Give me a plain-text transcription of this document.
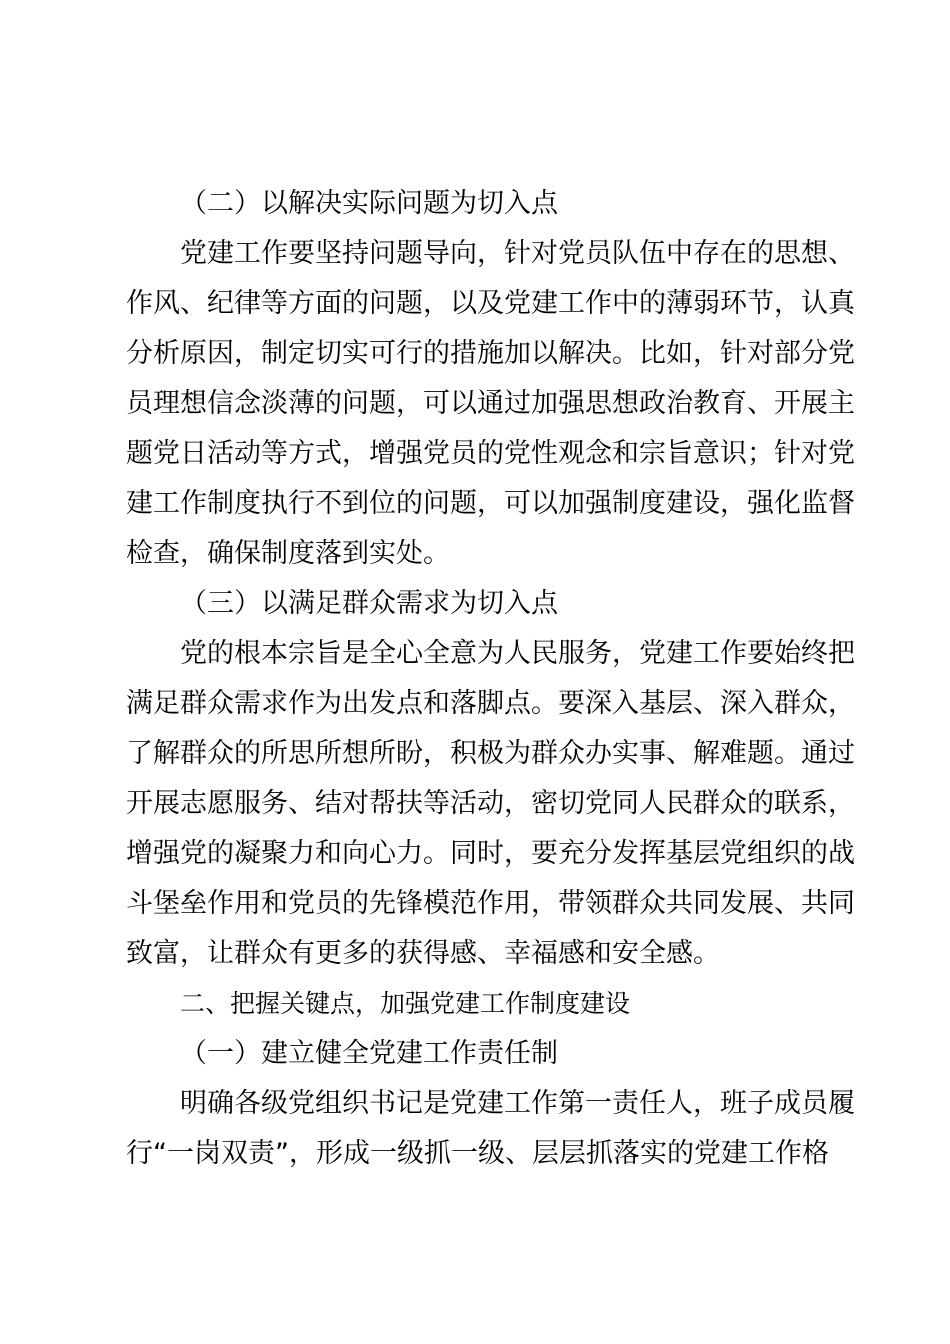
（二）以解决实际问题为切入点

党建工作要坚持问题导向，针对党员队伍中存在的思想、
作风、纪律等方面的问题，以及党建工作中的薄弱环节，认真
分析原因，制定切实可行的措施加以解决。比如，针对部分党
员理想信念淡薄的问题，可以通过加强思想政治教育、开展主
题党日活动等方式，增强党员的党性观念和宗旨意识；针对党
建工作制度执行不到位的问题，可以加强制度建设，强化监督
检查，确保制度落到实处。

（三）以满足群众需求为切入点

党的根本宗旨是全心全意为人民服务，党建工作要始终把
满足群众需求作为出发点和落脚点。要深入基层、深入群众，
了解群众的所思所想所盼，积极为群众办实事、解难题。通过
开展志愿服务、结对帮扶等活动，密切党同人民群众的联系，
增强党的凝聚力和向心力。同时，要充分发挥基层党组织的战
斗堡垒作用和党员的先锋模范作用，带领群众共同发展、共同
致富，让群众有更多的获得感、幸福感和安全感。

二、把握关键点，加强党建工作制度建设

（一）建立健全党建工作责任制

明确各级党组织书记是党建工作第一责任人，班子成员履
行“一岗双责”，形成一级抓一级、层层抓落实的党建工作格
